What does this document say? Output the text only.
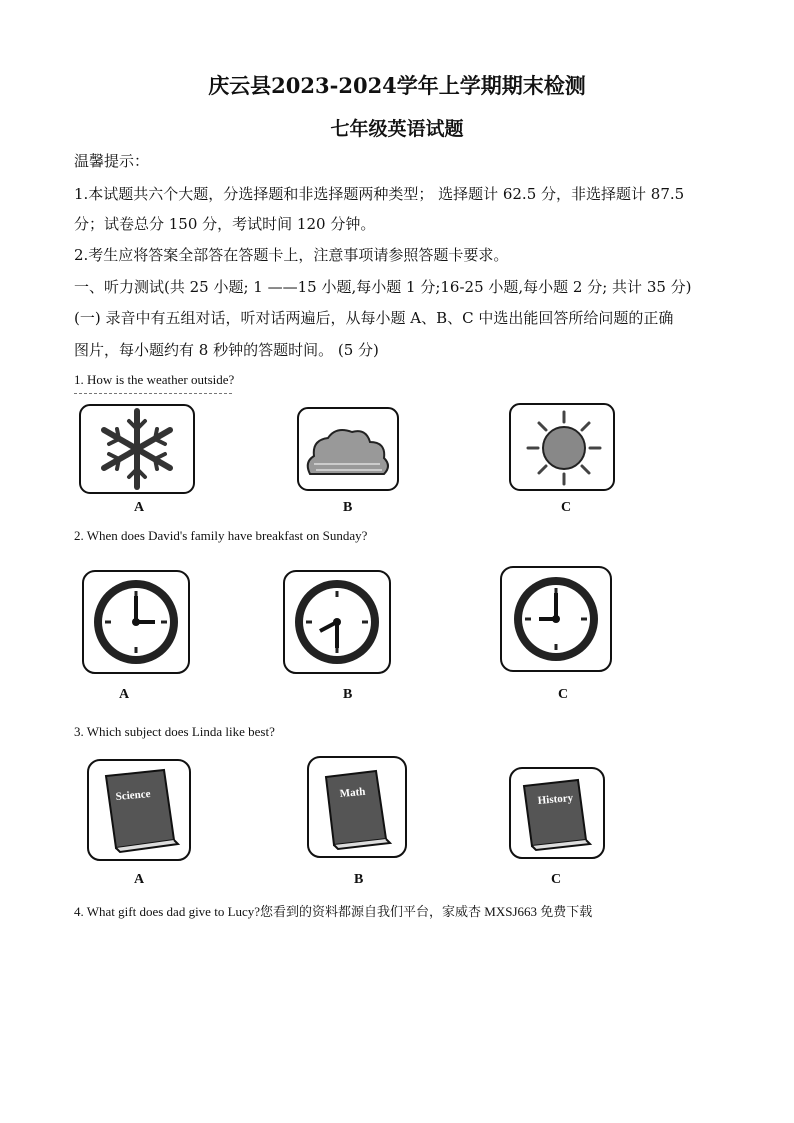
庆云县2023-2024学年上学期期末检测
七年级英语试题
温馨提示：
1.本试题共六个大题，分选择题和非选择题两种类型； 选择题计 62.5 分，非选择题计 87.5
分；试卷总分 150 分，考试时间 120 分钟。
2.考生应将答案全部答在答题卡上，注意事项请参照答题卡要求。
一、听力测试(共 25 小题; 1 ——15 小题,每小题 1 分;16-25 小题,每小题 2 分; 共计 35 分)
(一) 录音中有五组对话，听对话两遍后，从每小题 A、B、C 中选出能回答所给问题的正确
图片，每小题约有 8 秒钟的答题时间。 (5 分)
1. How is the weather outside?
A	B	C
2. When does David's family have breakfast on Sunday?
A	B	C
3. Which subject does Linda like best?
Science	Math	History
A	B	C
4. What gift does dad give to Lucy?您看到的资料都源自我们平台，家威杏 MXSJ663 免费下载
